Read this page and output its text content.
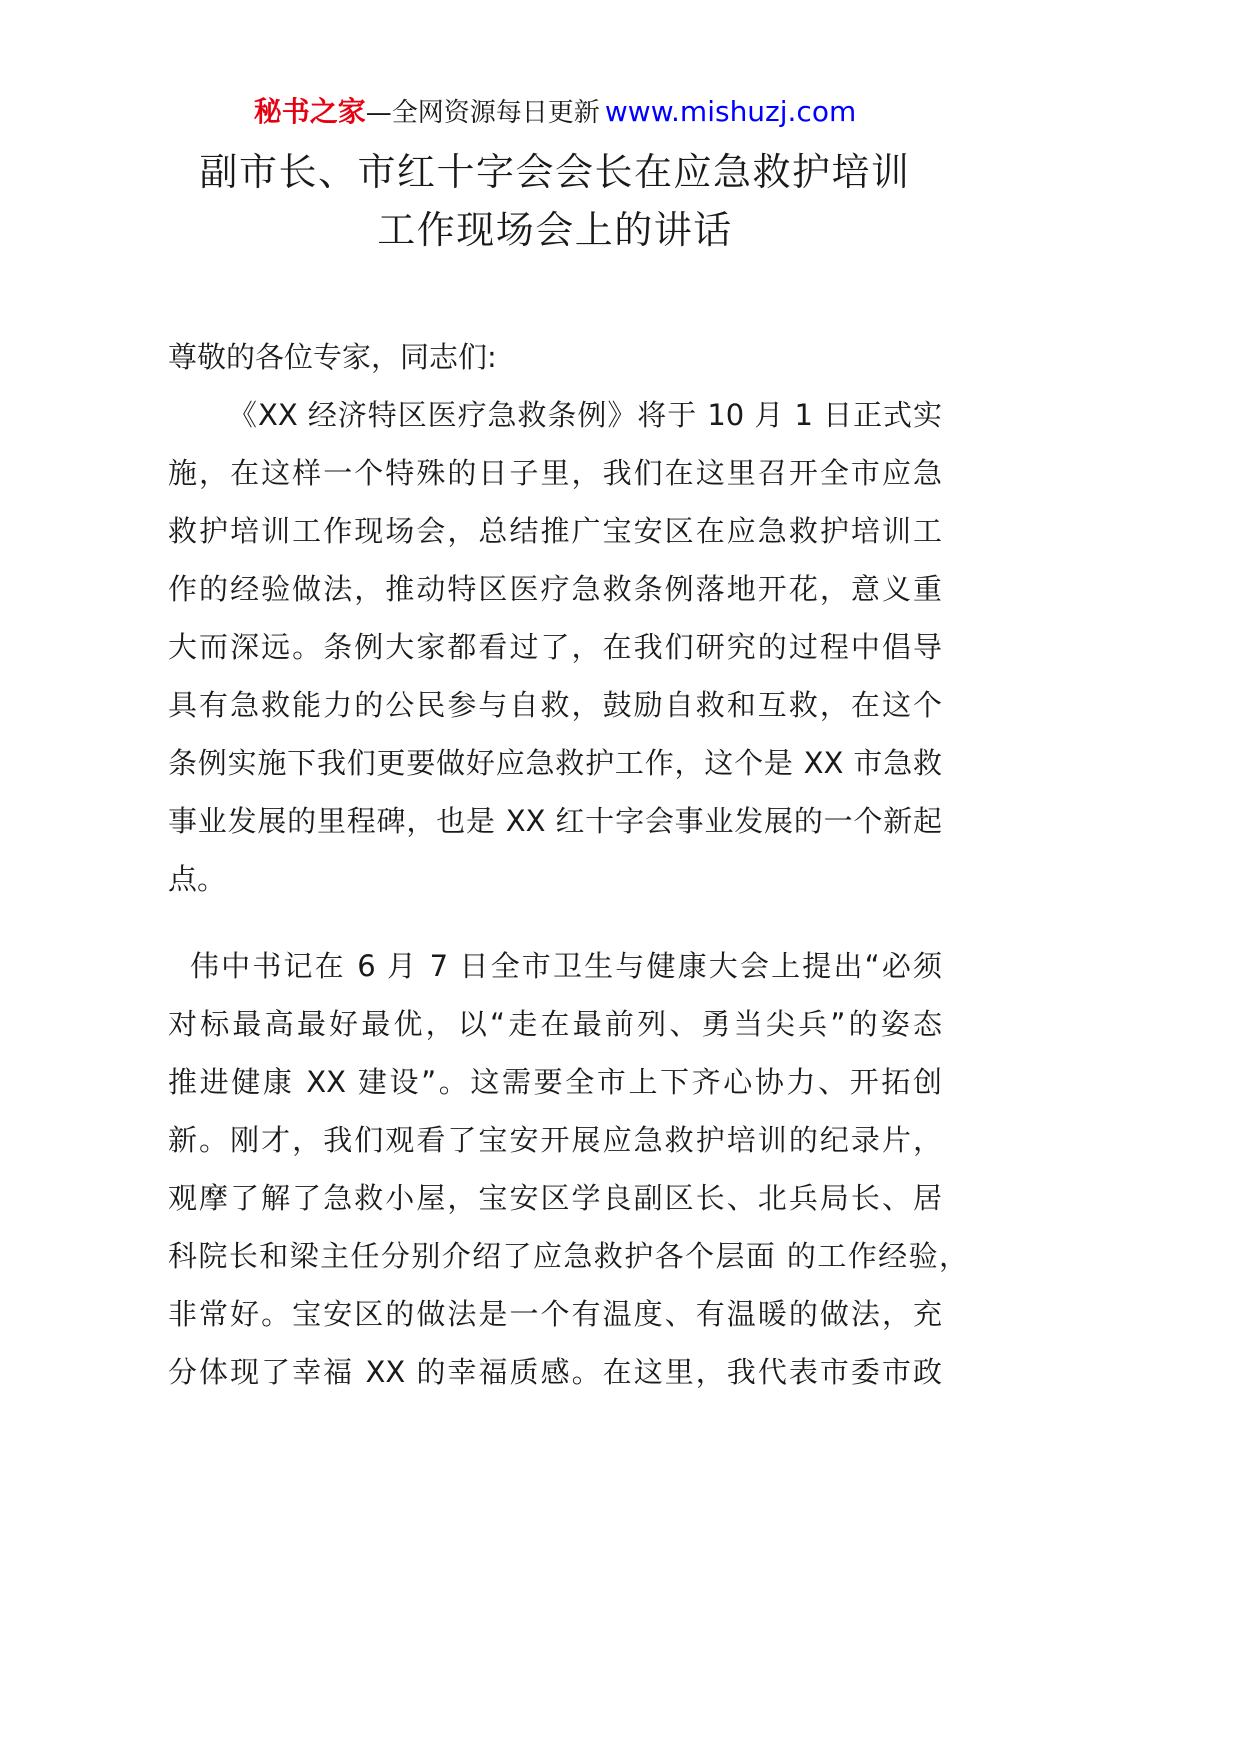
秘书之家—全网资源每日更新 www.mishuzj.com
副市长、市红十字会会长在应急救护培训
工作现场会上的讲话
尊敬的各位专家，同志们:
《XX 经济特区医疗急救条例》将于 10 月 1 日正式实
施，在这样一个特殊的日子里，我们在这里召开全市应急
救护培训工作现场会，总结推广宝安区在应急救护培训工
作的经验做法，推动特区医疗急救条例落地开花，意义重
大而深远。条例大家都看过了，在我们研究的过程中倡导
具有急救能力的公民参与自救，鼓励自救和互救，在这个
条例实施下我们更要做好应急救护工作，这个是 XX 市急救
事业发展的里程碑，也是 XX 红十字会事业发展的一个新起
点。
伟中书记在 6 月 7 日全市卫生与健康大会上提出“必须
对标最高最好最优，以“走在最前列、勇当尖兵”的姿态
推进健康 XX 建设”。这需要全市上下齐心协力、开拓创
新。刚才，我们观看了宝安开展应急救护培训的纪录片，
观摩了解了急救小屋，宝安区学良副区长、北兵局长、居
科院长和梁主任分别介绍了应急救护各个层面 的工作经验，
非常好。宝安区的做法是一个有温度、有温暖的做法，充
分体现了幸福 XX 的幸福质感。在这里，我代表市委市政
